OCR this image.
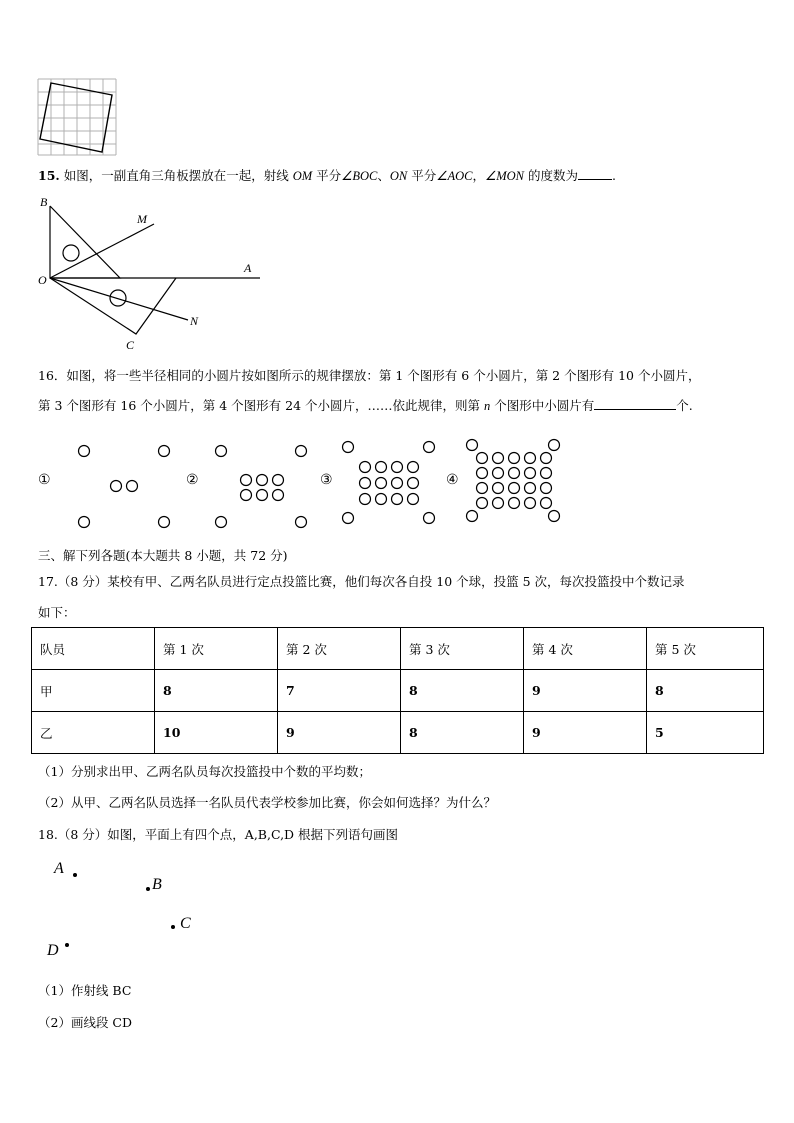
15. 如图，一副直角三角板摆放在一起，射线 OM 平分∠BOC、ON 平分∠AOC，∠MON 的度数为	.
B
M
O
A
N
C
16．如图，将一些半径相同的小圆片按如图所示的规律摆放：第 1 个图形有 6 个小圆片，第 2 个图形有 10 个小圆片，
第 3 个图形有 16 个小圆片，第 4 个图形有 24 个小圆片，……依此规律，则第 n 个图形中小圆片有	个.
①	②	③	④
三、解下列各题(本大题共 8 小题，共 72 分)
17.（8 分）某校有甲、乙两名队员进行定点投篮比赛，他们每次各自投 10 个球，投篮 5 次，每次投篮投中个数记录
如下：
队员	第 1 次	第 2 次	第 3 次	第 4 次	第 5 次
甲	8	7	8	9	8
乙	10	9	8	9	5
（1）分别求出甲、乙两名队员每次投篮投中个数的平均数；
（2）从甲、乙两名队员选择一名队员代表学校参加比赛，你会如何选择？为什么？
18.（8 分）如图，平面上有四个点，A,B,C,D 根据下列语句画图
A
B
C
D
（1）作射线 BC
（2）画线段 CD
